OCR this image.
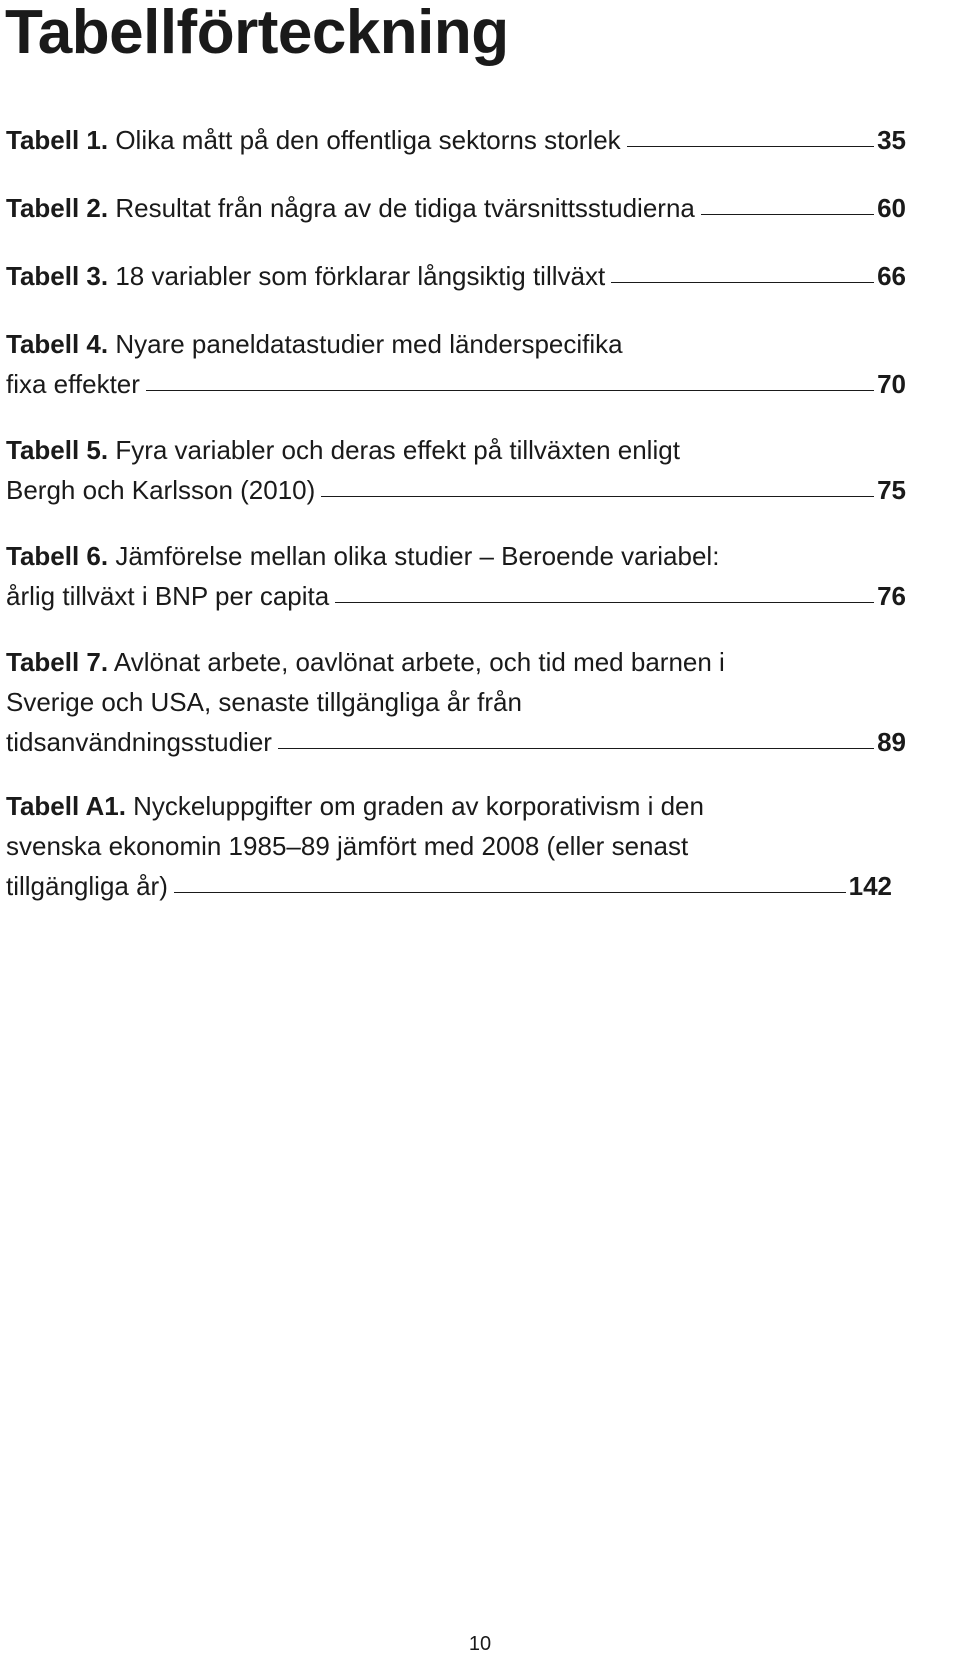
Tabellförteckning
Tabell 1. Olika mått på den offentliga sektorns storlek	35
Tabell 2. Resultat från några av de tidiga tvärsnittsstudierna	60
Tabell 3. 18 variabler som förklarar långsiktig tillväxt	66
Tabell 4. Nyare paneldatastudier med länderspecifika
fixa effekter	70
Tabell 5. Fyra variabler och deras effekt på tillväxten enligt
Bergh och Karlsson (2010)	75
Tabell 6. Jämförelse mellan olika studier – Beroende variabel:
årlig tillväxt i BNP per capita	76
Tabell 7. Avlönat arbete, oavlönat arbete, och tid med barnen i
Sverige och USA, senaste tillgängliga år från
tidsanvändningsstudier	89
Tabell A1. Nyckeluppgifter om graden av korporativism i den
svenska ekonomin 1985–89 jämfört med 2008 (eller senast
tillgängliga år)	142
10
